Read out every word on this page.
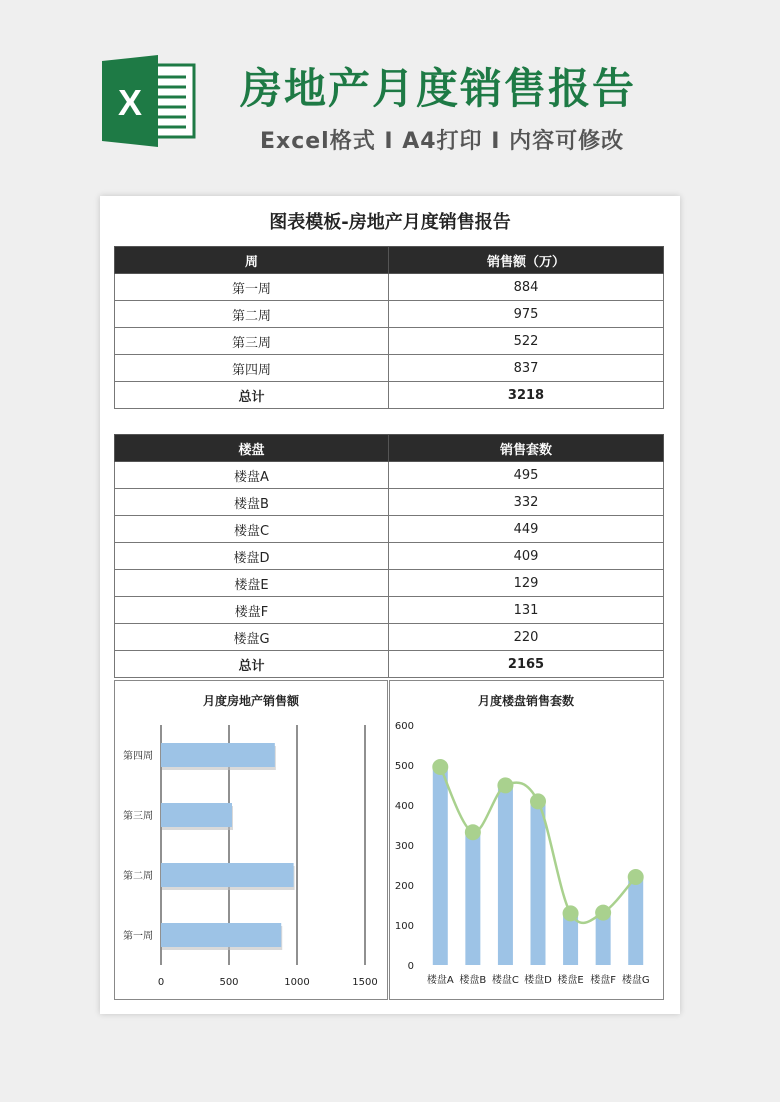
X 房地产月度销售报告
Excel格式 Ⅰ A4打印 Ⅰ 内容可修改
图表模板-房地产月度销售报告
周	销售额（万）
第一周	884
第二周	975
第三周	522
第四周	837
总计	3218
楼盘	销售套数
楼盘A	495
楼盘B	332
楼盘C	449
楼盘D	409
楼盘E	129
楼盘F	131
楼盘G	220
总计	2165
月度房地产销售额
0	500	1000	1500
第一周
第二周
第三周
第四周
月度楼盘销售套数
0
100
200
300
400
500
600
楼盘A 楼盘B 楼盘C 楼盘D 楼盘E 楼盘F 楼盘G
